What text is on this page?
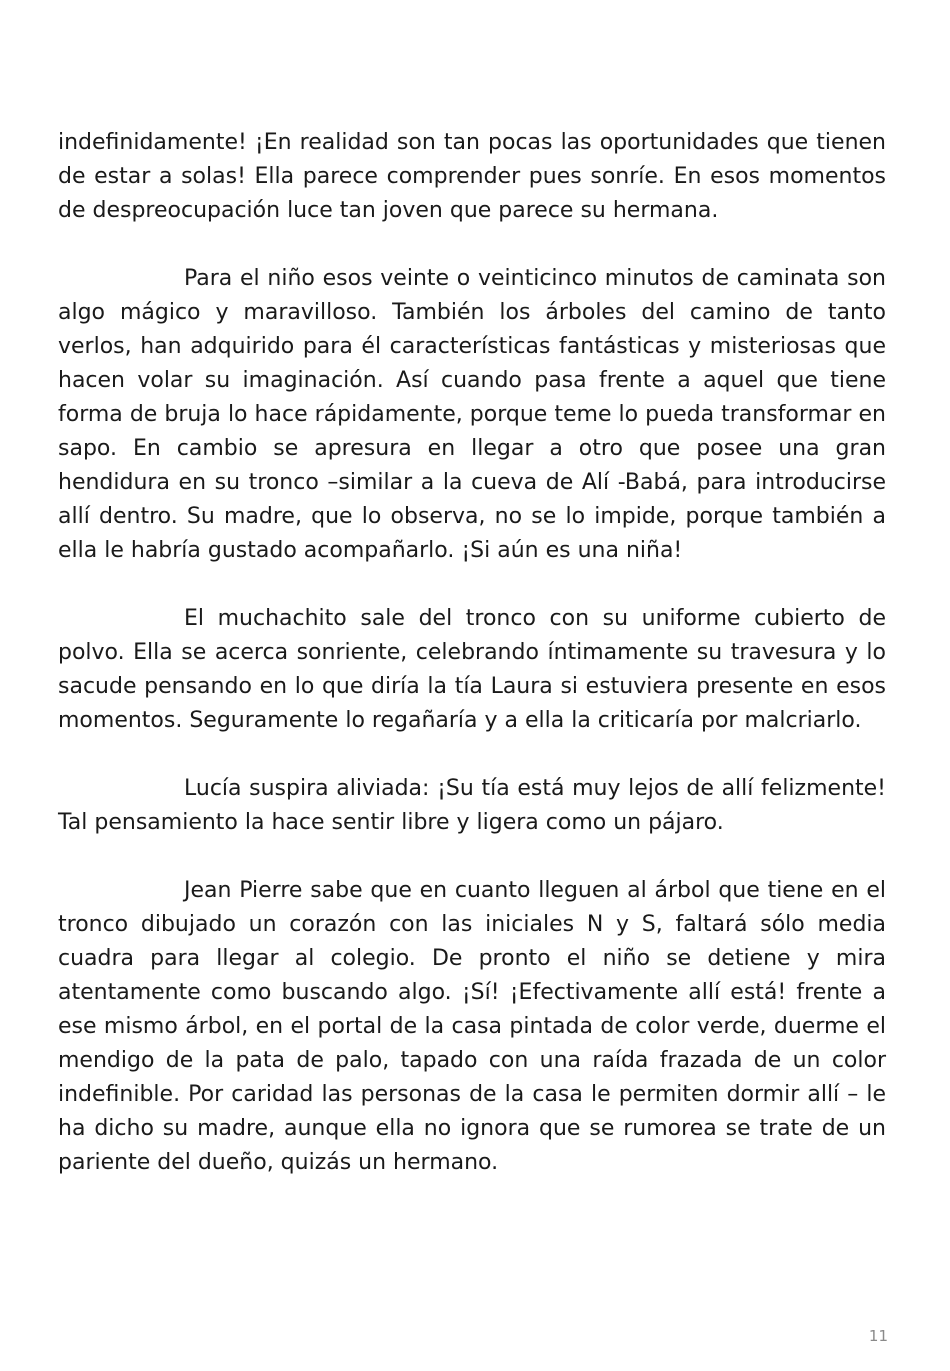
indefinidamente! ¡En realidad son tan pocas las oportunidades que tienen de estar a solas! Ella parece comprender pues sonríe. En esos momentos de despreocupación luce tan joven que parece su hermana.

Para el niño esos veinte o veinticinco minutos de caminata son algo mágico y maravilloso. También los árboles del camino de tanto verlos, han adquirido para él características fantásticas y misteriosas que hacen volar su imaginación. Así cuando pasa frente a aquel que tiene forma de bruja lo hace rápidamente, porque teme lo pueda transformar en sapo. En cambio se apresura en llegar a otro que posee una gran hendidura en su tronco –similar a la cueva de Alí -Babá, para introducirse allí dentro. Su madre, que lo observa, no se lo impide, porque también a ella le habría gustado acompañarlo. ¡Si aún es una niña!

El muchachito sale del tronco con su uniforme cubierto de polvo. Ella se acerca sonriente, celebrando íntimamente su travesura y lo sacude pensando en lo que diría la tía Laura si estuviera presente en esos momentos. Seguramente lo regañaría y a ella la criticaría por malcriarlo.

Lucía suspira aliviada: ¡Su tía está muy lejos de allí felizmente! Tal pensamiento la hace sentir libre y ligera como un pájaro.

Jean Pierre sabe que en cuanto lleguen al árbol que tiene en el tronco dibujado un corazón con las iniciales N y S, faltará sólo media cuadra para llegar al colegio. De pronto el niño se detiene y mira atentamente como buscando algo. ¡Sí! ¡Efectivamente allí está! frente a ese mismo árbol, en el portal de la casa pintada de color verde, duerme el mendigo de la pata de palo, tapado con una raída frazada de un color indefinible. Por caridad las personas de la casa le permiten dormir allí – le ha dicho su madre, aunque ella no ignora que se rumorea se trate de un pariente del dueño, quizás un hermano.

11
